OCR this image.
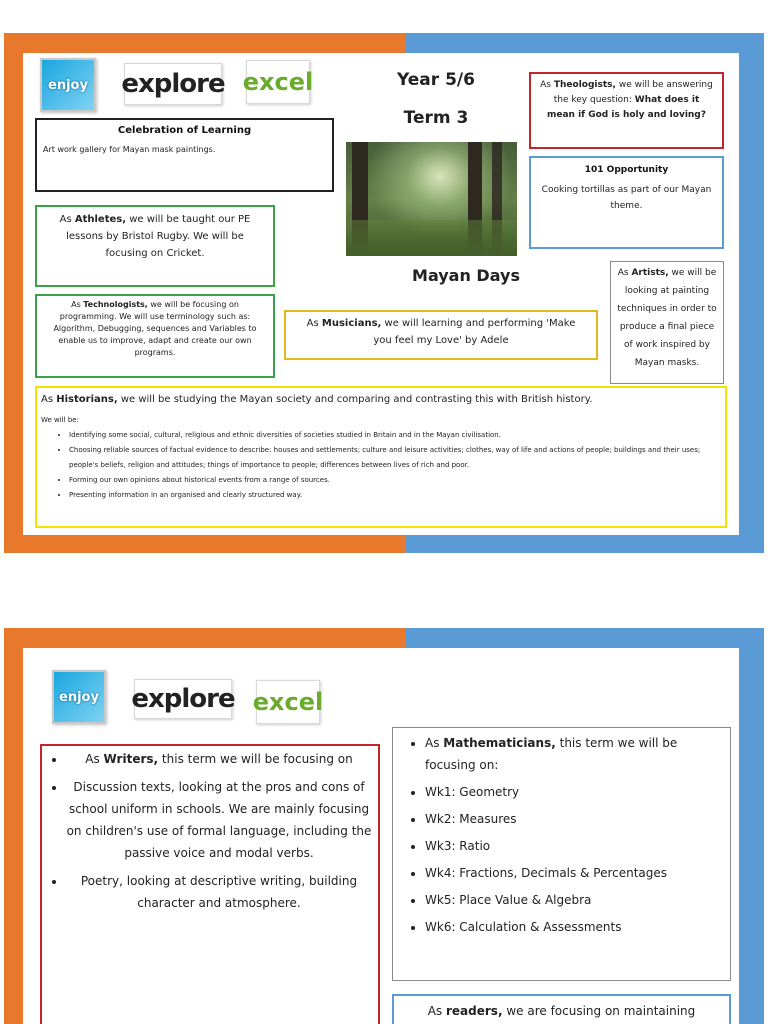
enjoy explore excel	Year 5/6
Term 3
Mayan Days
Celebration of Learning
Art work gallery for Mayan mask paintings.
As Athletes, we will be taught our PE lessons by Bristol Rugby. We will be focusing on Cricket.
As Technologists, we will be focusing on programming. We will use terminology such as: Algorithm, Debugging, sequences and Variables to enable us to improve, adapt and create our own programs.
As Musicians, we will learning and performing 'Make you feel my Love' by Adele
As Theologists, we will be answering the key question: What does it mean if God is holy and loving?
101 Opportunity
Cooking tortillas as part of our Mayan theme.
As Artists, we will be looking at painting techniques in order to produce a final piece of work inspired by Mayan masks.
As Historians, we will be studying the Mayan society and comparing and contrasting this with British history.
We will be:
• Identifying some social, cultural, religious and ethnic diversities of societies studied in Britain and in the Mayan civilisation.
• Choosing reliable sources of factual evidence to describe: houses and settlements; culture and leisure activities; clothes, way of life and actions of people; buildings and their uses; people's beliefs, religion and attitudes; things of importance to people; differences between lives of rich and poor.
• Forming our own opinions about historical events from a range of sources.
• Presenting information in an organised and clearly structured way.
enjoy explore excel
• As Writers, this term we will be focusing on
• Discussion texts, looking at the pros and cons of school uniform in schools. We are mainly focusing on children's use of formal language, including the passive voice and modal verbs.
• Poetry, looking at descriptive writing, building character and atmosphere.
• As Mathematicians, this term we will be focusing on:
• Wk1: Geometry
• Wk2: Measures
• Wk3: Ratio
• Wk4: Fractions, Decimals & Percentages
• Wk5: Place Value & Algebra
• Wk6: Calculation & Assessments
As readers, we are focusing on maintaining
